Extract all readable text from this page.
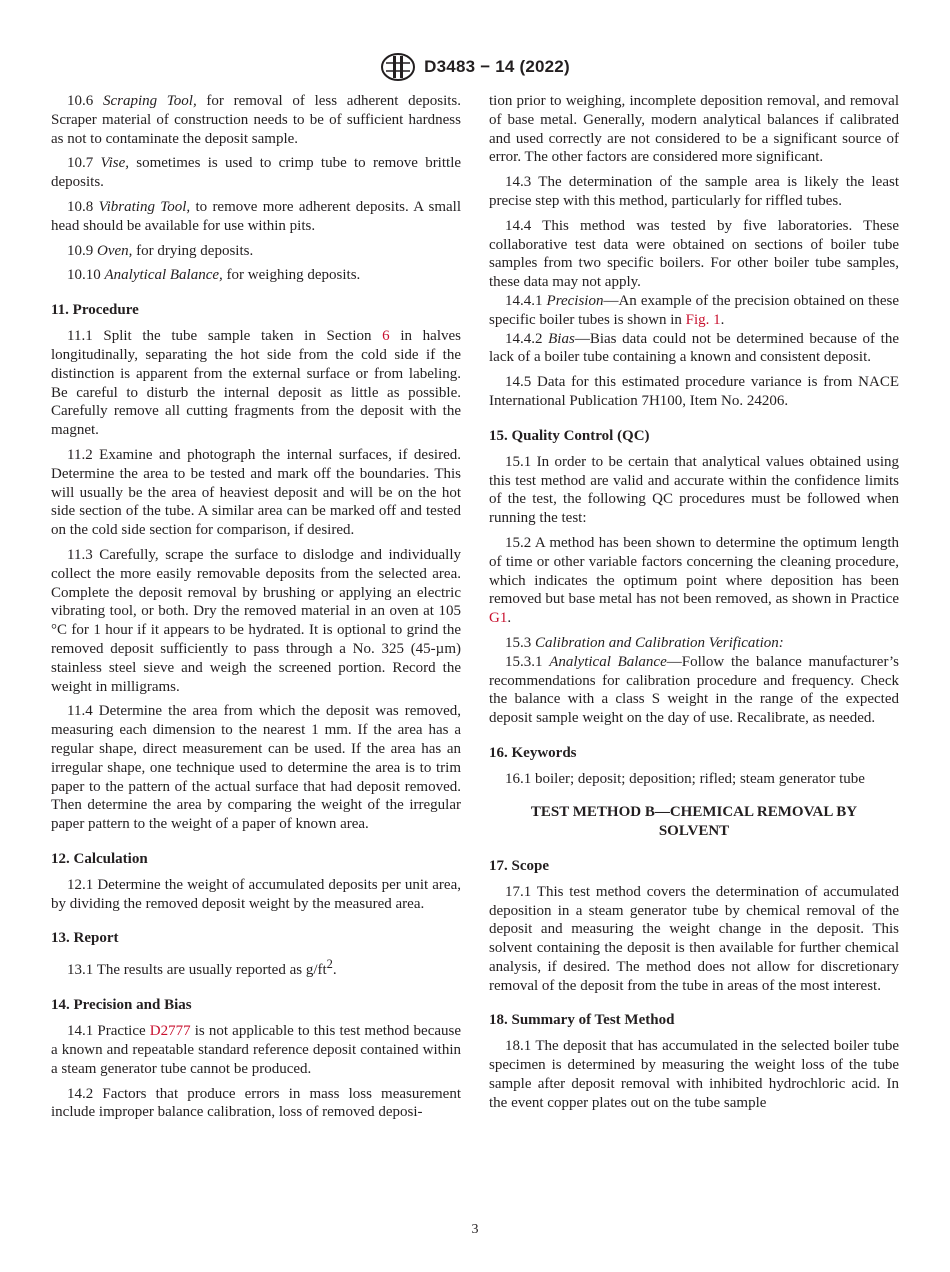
D3483 − 14 (2022)

10.6 Scraping Tool, for removal of less adherent deposits. Scraper material of construction needs to be of sufficient hardness as not to contaminate the deposit sample.

10.7 Vise, sometimes is used to crimp tube to remove brittle deposits.

10.8 Vibrating Tool, to remove more adherent deposits. A small head should be available for use within pits.

10.9 Oven, for drying deposits.

10.10 Analytical Balance, for weighing deposits.

11. Procedure

11.1 Split the tube sample taken in Section 6 in halves longitudinally, separating the hot side from the cold side if the distinction is apparent from the external surface or from labeling. Be careful to disturb the internal deposit as little as possible. Carefully remove all cutting fragments from the deposit with the magnet.

11.2 Examine and photograph the internal surfaces, if desired. Determine the area to be tested and mark off the boundaries. This will usually be the area of heaviest deposit and will be on the hot side section of the tube. A similar area can be marked off and tested on the cold side section for comparison, if desired.

11.3 Carefully, scrape the surface to dislodge and individually collect the more easily removable deposits from the selected area. Complete the deposit removal by brushing or applying an electric vibrating tool, or both. Dry the removed material in an oven at 105 °C for 1 hour if it appears to be hydrated. It is optional to grind the removed deposit sufficiently to pass through a No. 325 (45-µm) stainless steel sieve and weigh the screened portion. Record the weight in milligrams.

11.4 Determine the area from which the deposit was removed, measuring each dimension to the nearest 1 mm. If the area has a regular shape, direct measurement can be used. If the area has an irregular shape, one technique used to determine the area is to trim paper to the pattern of the actual surface that had deposit removed. Then determine the area by comparing the weight of the irregular paper pattern to the weight of a paper of known area.

12. Calculation

12.1 Determine the weight of accumulated deposits per unit area, by dividing the removed deposit weight by the measured area.

13. Report

13.1 The results are usually reported as $g/ft^2$.

14. Precision and Bias

14.1 Practice D2777 is not applicable to this test method because a known and repeatable standard reference deposit contained within a steam generator tube cannot be produced.

14.2 Factors that produce errors in mass loss measurement include improper balance calibration, loss of removed deposi-

tion prior to weighing, incomplete deposition removal, and removal of base metal. Generally, modern analytical balances if calibrated and used correctly are not considered to be a significant source of error. The other factors are considered more significant.

14.3 The determination of the sample area is likely the least precise step with this method, particularly for riffled tubes.

14.4 This method was tested by five laboratories. These collaborative test data were obtained on sections of boiler tube samples from two specific boilers. For other boiler tube samples, these data may not apply.

14.4.1 Precision—An example of the precision obtained on these specific boiler tubes is shown in Fig. 1.

14.4.2 Bias—Bias data could not be determined because of the lack of a boiler tube containing a known and consistent deposit.

14.5 Data for this estimated procedure variance is from NACE International Publication 7H100, Item No. 24206.

15. Quality Control (QC)

15.1 In order to be certain that analytical values obtained using this test method are valid and accurate within the confidence limits of the test, the following QC procedures must be followed when running the test:

15.2 A method has been shown to determine the optimum length of time or other variable factors concerning the cleaning procedure, which indicates the optimum point where deposition has been removed but base metal has not been removed, as shown in Practice G1.

15.3 Calibration and Calibration Verification:

15.3.1 Analytical Balance—Follow the balance manufacturer’s recommendations for calibration procedure and frequency. Check the balance with a class S weight in the range of the expected deposit sample weight on the day of use. Recalibrate, as needed.

16. Keywords

16.1 boiler; deposit; deposition; rifled; steam generator tube

TEST METHOD B—CHEMICAL REMOVAL BY SOLVENT
17. Scope

17.1 This test method covers the determination of accumulated deposition in a steam generator tube by chemical removal of the deposit and measuring the weight change in the deposit. This solvent containing the deposit is then available for further chemical analysis, if desired. The method does not allow for discretionary removal of the deposit from the tube in areas of the most interest.

18. Summary of Test Method

18.1 The deposit that has accumulated in the selected boiler tube specimen is determined by measuring the weight loss of the tube sample after deposit removal with inhibited hydrochloric acid. In the event copper plates out on the tube sample

3
